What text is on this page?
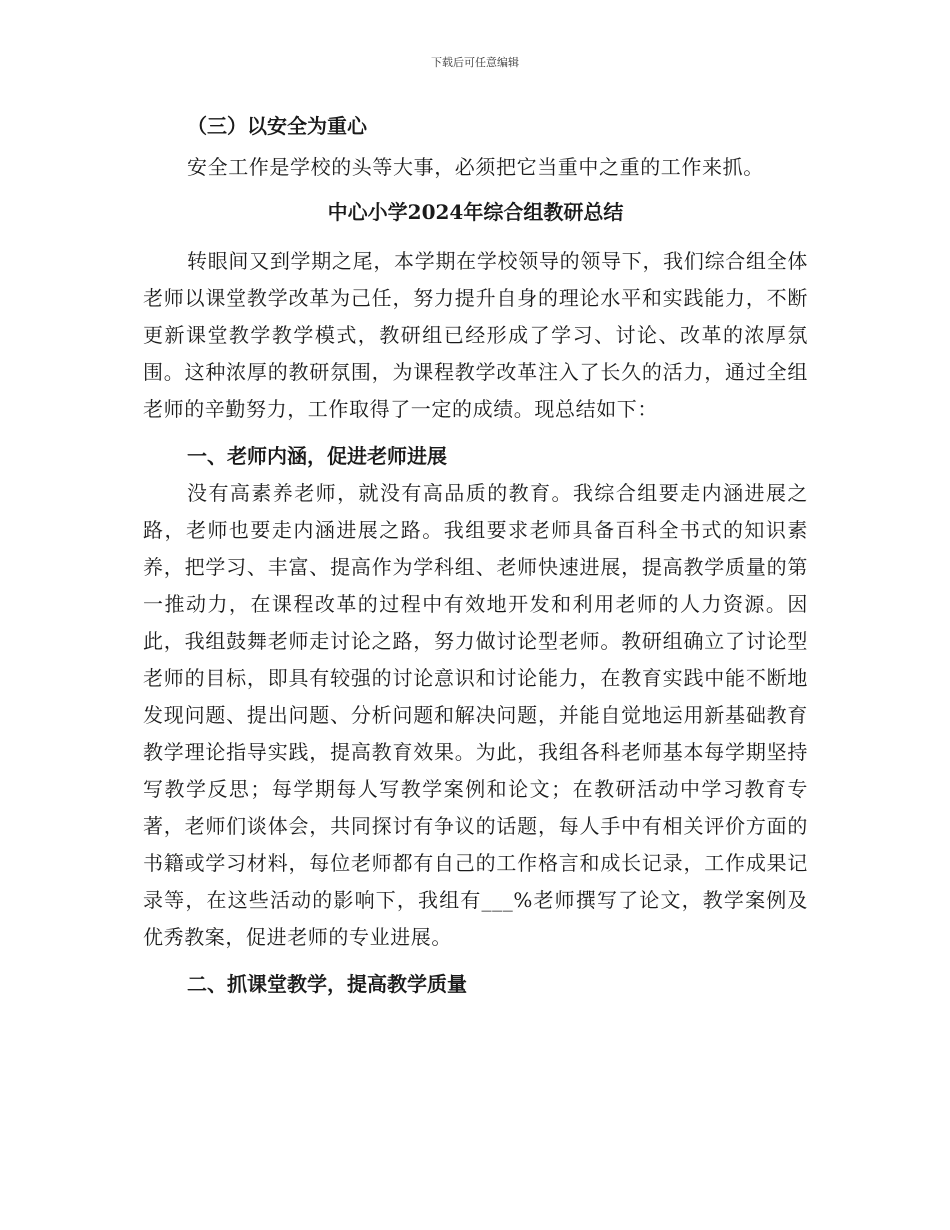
下载后可任意编辑

（三）以安全为重心

安全工作是学校的头等大事，必须把它当重中之重的工作来抓。

中心小学2024年综合组教研总结

转眼间又到学期之尾，本学期在学校领导的领导下，我们综合组全体老师以课堂教学改革为己任，努力提升自身的理论水平和实践能力，不断更新课堂教学教学模式，教研组已经形成了学习、讨论、改革的浓厚氛围。这种浓厚的教研氛围，为课程教学改革注入了长久的活力，通过全组老师的辛勤努力，工作取得了一定的成绩。现总结如下：

一、老师内涵，促进老师进展

没有高素养老师，就没有高品质的教育。我综合组要走内涵进展之路，老师也要走内涵进展之路。我组要求老师具备百科全书式的知识素养，把学习、丰富、提高作为学科组、老师快速进展，提高教学质量的第一推动力，在课程改革的过程中有效地开发和利用老师的人力资源。因此，我组鼓舞老师走讨论之路，努力做讨论型老师。教研组确立了讨论型老师的目标，即具有较强的讨论意识和讨论能力，在教育实践中能不断地发现问题、提出问题、分析问题和解决问题，并能自觉地运用新基础教育教学理论指导实践，提高教育效果。为此，我组各科老师基本每学期坚持写教学反思；每学期每人写教学案例和论文；在教研活动中学习教育专著，老师们谈体会，共同探讨有争议的话题，每人手中有相关评价方面的书籍或学习材料，每位老师都有自己的工作格言和成长记录，工作成果记录等，在这些活动的影响下，我组有___%老师撰写了论文，教学案例及优秀教案，促进老师的专业进展。

二、抓课堂教学，提高教学质量
